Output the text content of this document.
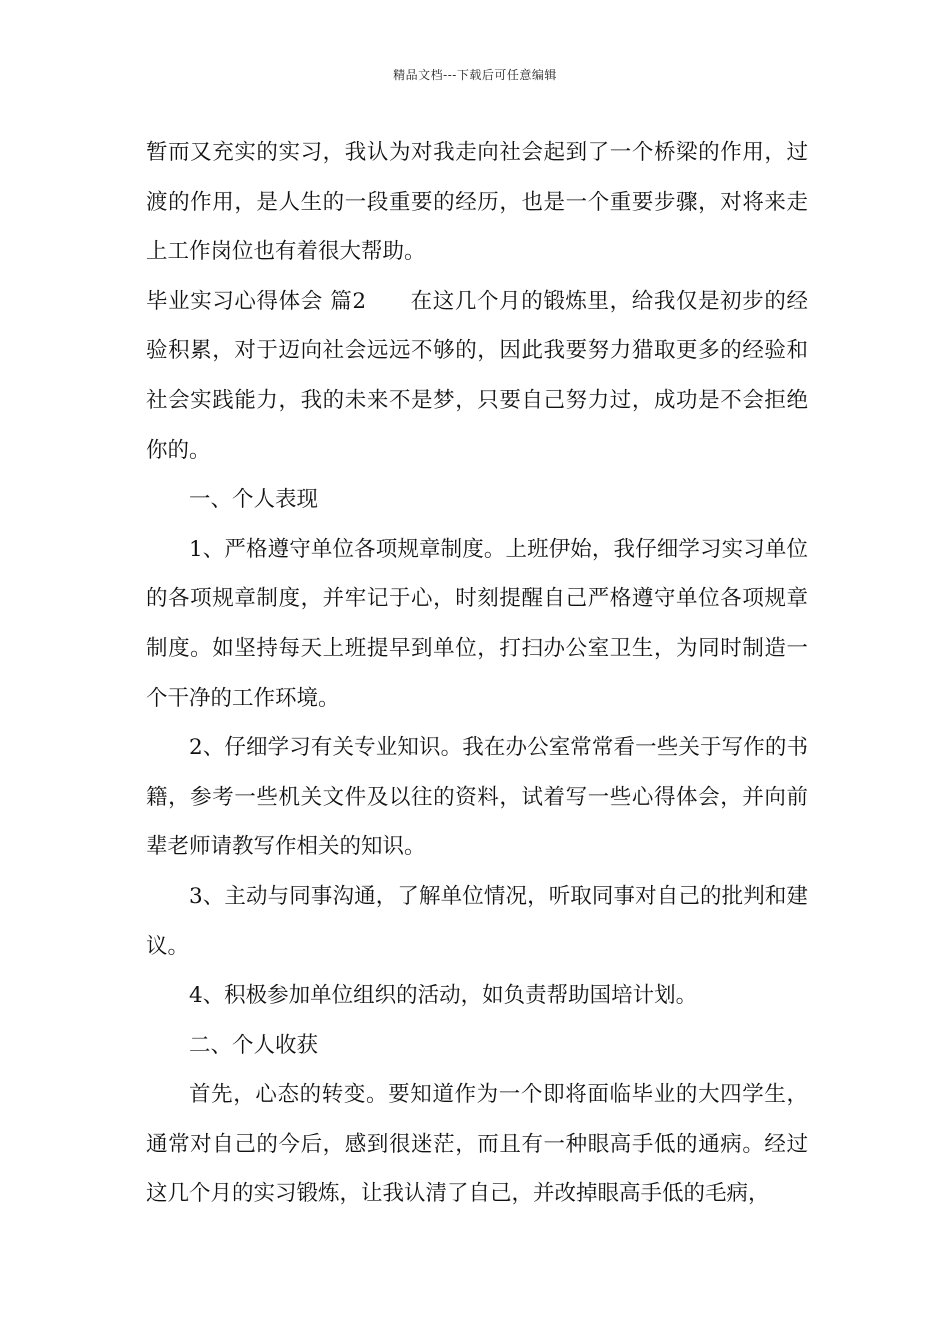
精品文档---下载后可任意编辑

暂而又充实的实习，我认为对我走向社会起到了一个桥梁的作用，过渡的作用，是人生的一段重要的经历，也是一个重要步骤，对将来走上工作岗位也有着很大帮助。

毕业实习心得体会 篇2 在这几个月的锻炼里，给我仅是初步的经验积累，对于迈向社会远远不够的，因此我要努力猎取更多的经验和社会实践能力，我的未来不是梦，只要自己努力过，成功是不会拒绝你的。

一、个人表现

1、严格遵守单位各项规章制度。上班伊始，我仔细学习实习单位的各项规章制度，并牢记于心，时刻提醒自己严格遵守单位各项规章制度。如坚持每天上班提早到单位，打扫办公室卫生，为同时制造一个干净的工作环境。

2、仔细学习有关专业知识。我在办公室常常看一些关于写作的书籍，参考一些机关文件及以往的资料，试着写一些心得体会，并向前辈老师请教写作相关的知识。

3、主动与同事沟通，了解单位情况，听取同事对自己的批判和建议。

4、积极参加单位组织的活动，如负责帮助国培计划。

二、个人收获

首先，心态的转变。要知道作为一个即将面临毕业的大四学生，通常对自己的今后，感到很迷茫，而且有一种眼高手低的通病。经过这几个月的实习锻炼，让我认清了自己，并改掉眼高手低的毛病，
